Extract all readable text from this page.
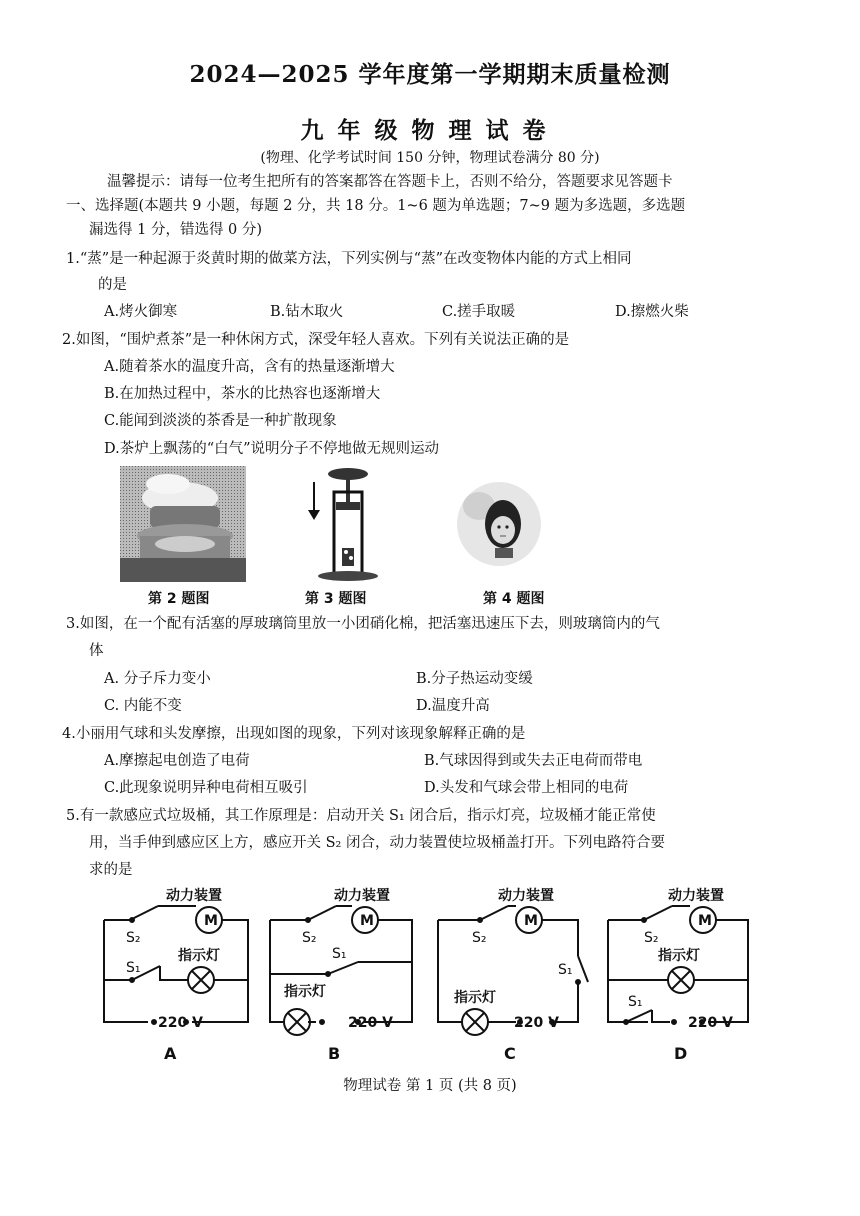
2024—2025 学年度第一学期期末质量检测
九年级物理试卷
(物理、化学考试时间 150 分钟，物理试卷满分 80 分)
温馨提示：请每一位考生把所有的答案都答在答题卡上，否则不给分，答题要求见答题卡
一、选择题(本题共 9 小题，每题 2 分，共 18 分。1~6 题为单选题；7~9 题为多选题，多选题
漏选得 1 分，错选得 0 分)
1.“蒸”是一种起源于炎黄时期的做菜方法，下列实例与“蒸”在改变物体内能的方式上相同
的是
A.烤火御寒	B.钻木取火	C.搓手取暖	D.擦燃火柴
2.如图，“围炉煮茶”是一种休闲方式，深受年轻人喜欢。下列有关说法正确的是
A.随着茶水的温度升高，含有的热量逐渐增大
B.在加热过程中，茶水的比热容也逐渐增大
C.能闻到淡淡的茶香是一种扩散现象
D.茶炉上飘荡的“白气”说明分子不停地做无规则运动
第 2 题图	第 3 题图	第 4 题图
3.如图，在一个配有活塞的厚玻璃筒里放一小团硝化棉，把活塞迅速压下去，则玻璃筒内的气
体
A. 分子斥力变小	B.分子热运动变缓
C. 内能不变	D.温度升高
4.小丽用气球和头发摩擦，出现如图的现象，下列对该现象解释正确的是
A.摩擦起电创造了电荷	B.气球因得到或失去正电荷而带电
C.此现象说明异种电荷相互吸引	D.头发和气球会带上相同的电荷
5.有一款感应式垃圾桶，其工作原理是：启动开关 S₁ 闭合后，指示灯亮，垃圾桶才能正常使
用，当手伸到感应区上方，感应开关 S₂ 闭合，动力装置使垃圾桶盖打开。下列电路符合要
求的是
动力装置
M
S₂
指示灯
S₁
220 V
A
动力装置
M
S₂
S₁
指示灯
220 V
B
动力装置
M
S₂
S₁
指示灯
220 V
C
动力装置
M
S₂
指示灯
S₁
220 V
D
物理试卷 第 1 页 (共 8 页)
